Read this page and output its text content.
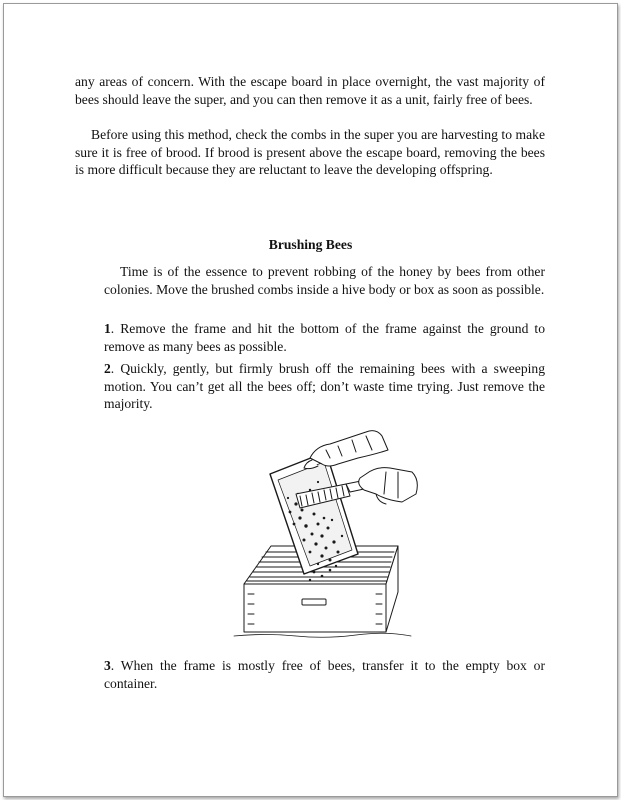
any areas of concern. With the escape board in place overnight, the vast majority of bees should leave the super, and you can then remove it as a unit, fairly free of bees.

Before using this method, check the combs in the super you are harvesting to make sure it is free of brood. If brood is present above the escape board, removing the bees is more difficult because they are reluctant to leave the developing offspring.

Brushing Bees

Time is of the essence to prevent robbing of the honey by bees from other colonies. Move the brushed combs inside a hive body or box as soon as possible.

1. Remove the frame and hit the bottom of the frame against the ground to remove as many bees as possible.

2. Quickly, gently, but firmly brush off the remaining bees with a sweeping motion. You can’t get all the bees off; don’t waste time trying. Just remove the majority.

3. When the frame is mostly free of bees, transfer it to the empty box or container.
